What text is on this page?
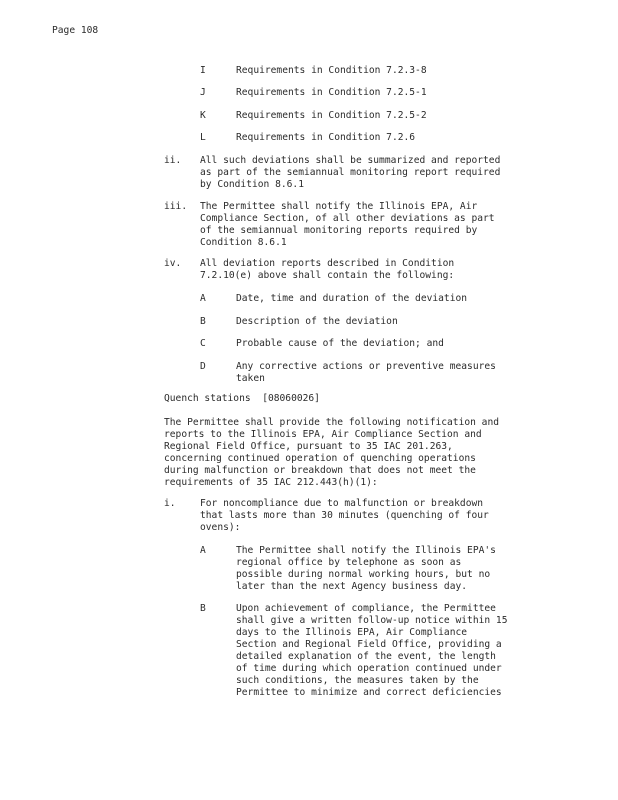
Page 108
I	Requirements in Condition 7.2.3-8
J	Requirements in Condition 7.2.5-1
K	Requirements in Condition 7.2.5-2
L	Requirements in Condition 7.2.6
ii. All such deviations shall be summarized and reported
as part of the semiannual monitoring report required
by Condition 8.6.1
iii. The Permittee shall notify the Illinois EPA, Air
Compliance Section, of all other deviations as part
of the semiannual monitoring reports required by
Condition 8.6.1
iv. All deviation reports described in Condition
7.2.10(e) above shall contain the following:
A	Date, time and duration of the deviation
B	Description of the deviation
C	Probable cause of the deviation; and
D	Any corrective actions or preventive measures
taken
Quench stations  [08060026]
The Permittee shall provide the following notification and
reports to the Illinois EPA, Air Compliance Section and
Regional Field Office, pursuant to 35 IAC 201.263,
concerning continued operation of quenching operations
during malfunction or breakdown that does not meet the
requirements of 35 IAC 212.443(h)(1):
i.	For noncompliance due to malfunction or breakdown
that lasts more than 30 minutes (quenching of four
ovens):
A	The Permittee shall notify the Illinois EPA's
regional office by telephone as soon as
possible during normal working hours, but no
later than the next Agency business day.
B	Upon achievement of compliance, the Permittee
shall give a written follow-up notice within 15
days to the Illinois EPA, Air Compliance
Section and Regional Field Office, providing a
detailed explanation of the event, the length
of time during which operation continued under
such conditions, the measures taken by the
Permittee to minimize and correct deficiencies
